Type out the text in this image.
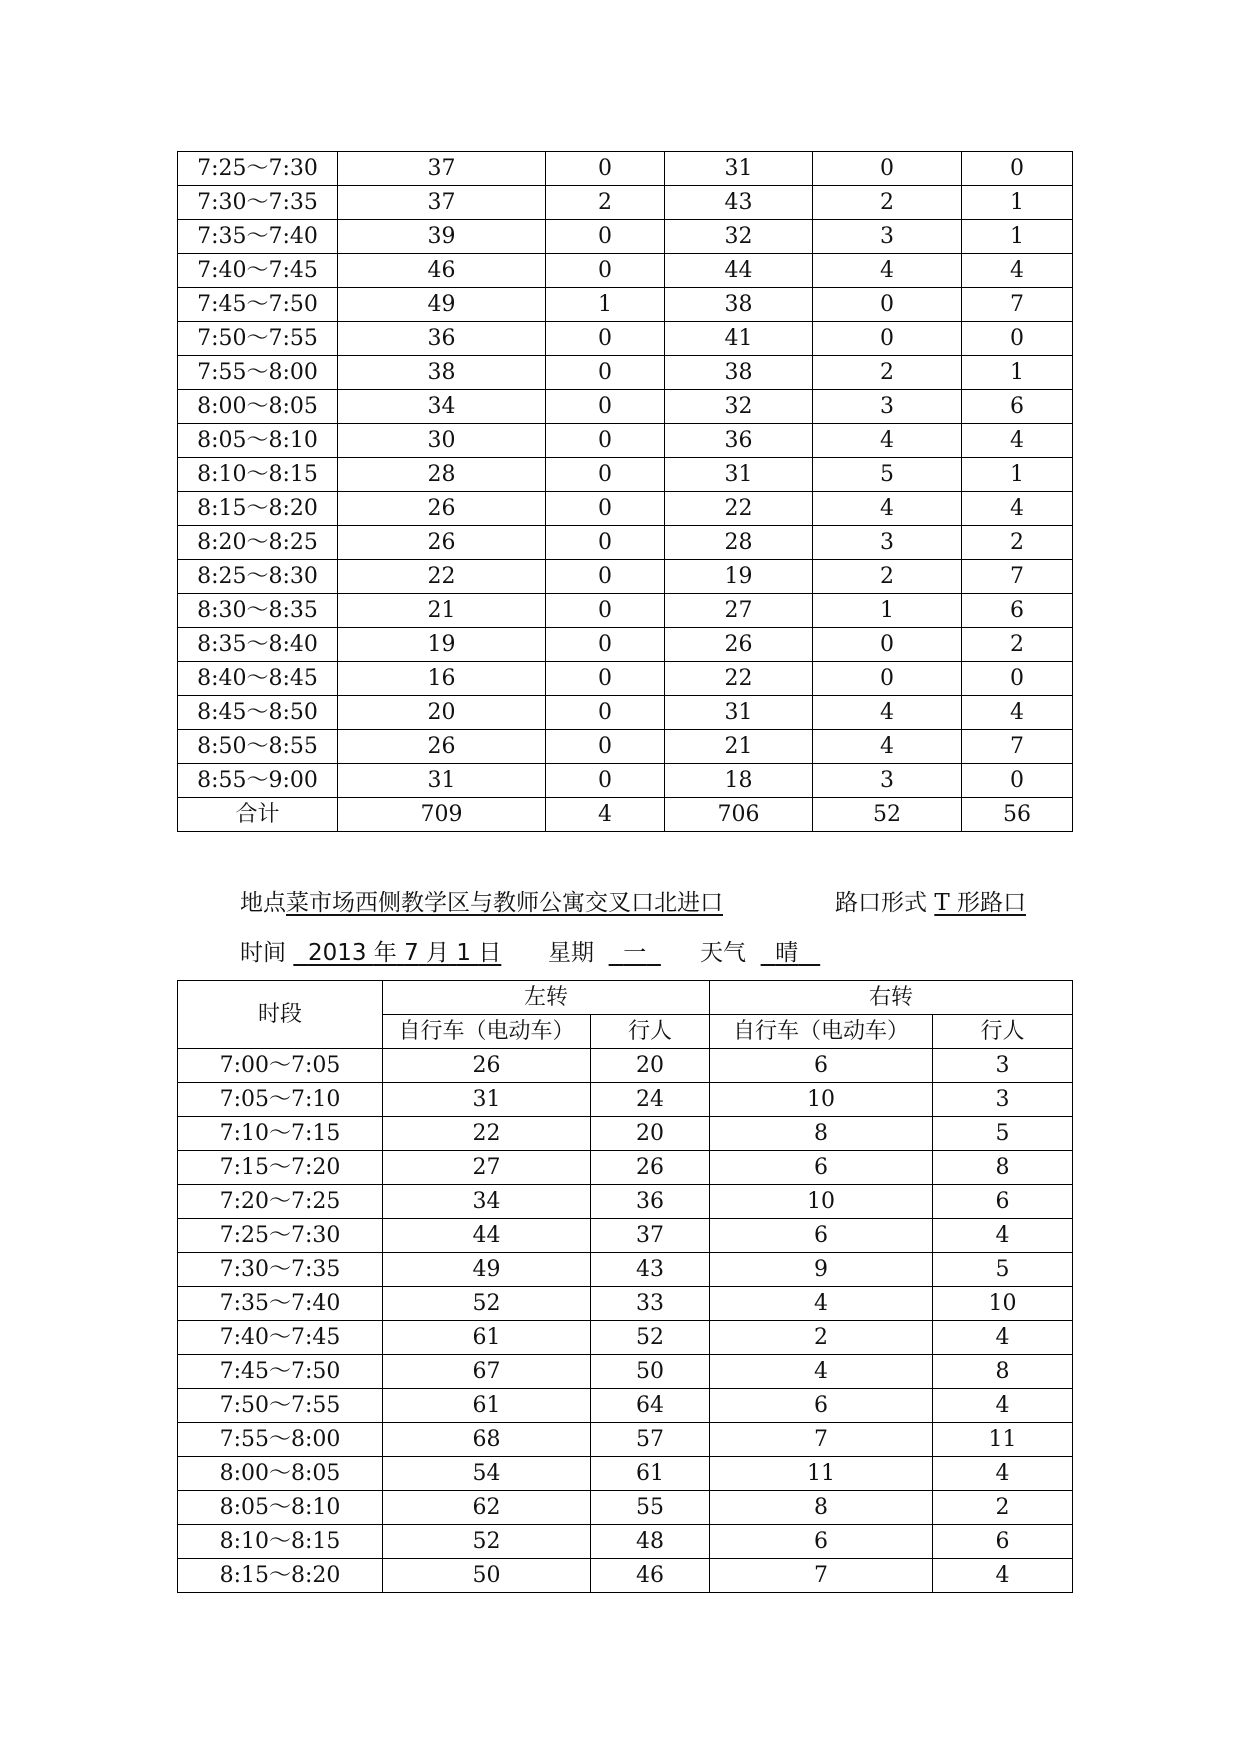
7:25～7:30	37	0	31	0	0
7:30～7:35	37	2	43	2	1
7:35～7:40	39	0	32	3	1
7:40～7:45	46	0	44	4	4
7:45～7:50	49	1	38	0	7
7:50～7:55	36	0	41	0	0
7:55～8:00	38	0	38	2	1
8:00～8:05	34	0	32	3	6
8:05～8:10	30	0	36	4	4
8:10～8:15	28	0	31	5	1
8:15～8:20	26	0	22	4	4
8:20～8:25	26	0	28	3	2
8:25～8:30	22	0	19	2	7
8:30～8:35	21	0	27	1	6
8:35～8:40	19	0	26	0	2
8:40～8:45	16	0	22	0	0
8:45～8:50	20	0	31	4	4
8:50～8:55	26	0	21	4	7
8:55～9:00	31	0	18	3	0
合计	709	4	706	52	56
地点菜市场西侧教学区与教师公寓交叉口北进口	路口形式 T 形路口
时间 2013 年 7 月 1 日 星期 一	天气 晴
时段	左转		右转	
	自行车（电动车）	行人	自行车（电动车）	行人
7:00～7:05	26	20	6	3
7:05～7:10	31	24	10	3
7:10～7:15	22	20	8	5
7:15～7:20	27	26	6	8
7:20～7:25	34	36	10	6
7:25～7:30	44	37	6	4
7:30～7:35	49	43	9	5
7:35～7:40	52	33	4	10
7:40～7:45	61	52	2	4
7:45～7:50	67	50	4	8
7:50～7:55	61	64	6	4
7:55～8:00	68	57	7	11
8:00～8:05	54	61	11	4
8:05～8:10	62	55	8	2
8:10～8:15	52	48	6	6
8:15～8:20	50	46	7	4
